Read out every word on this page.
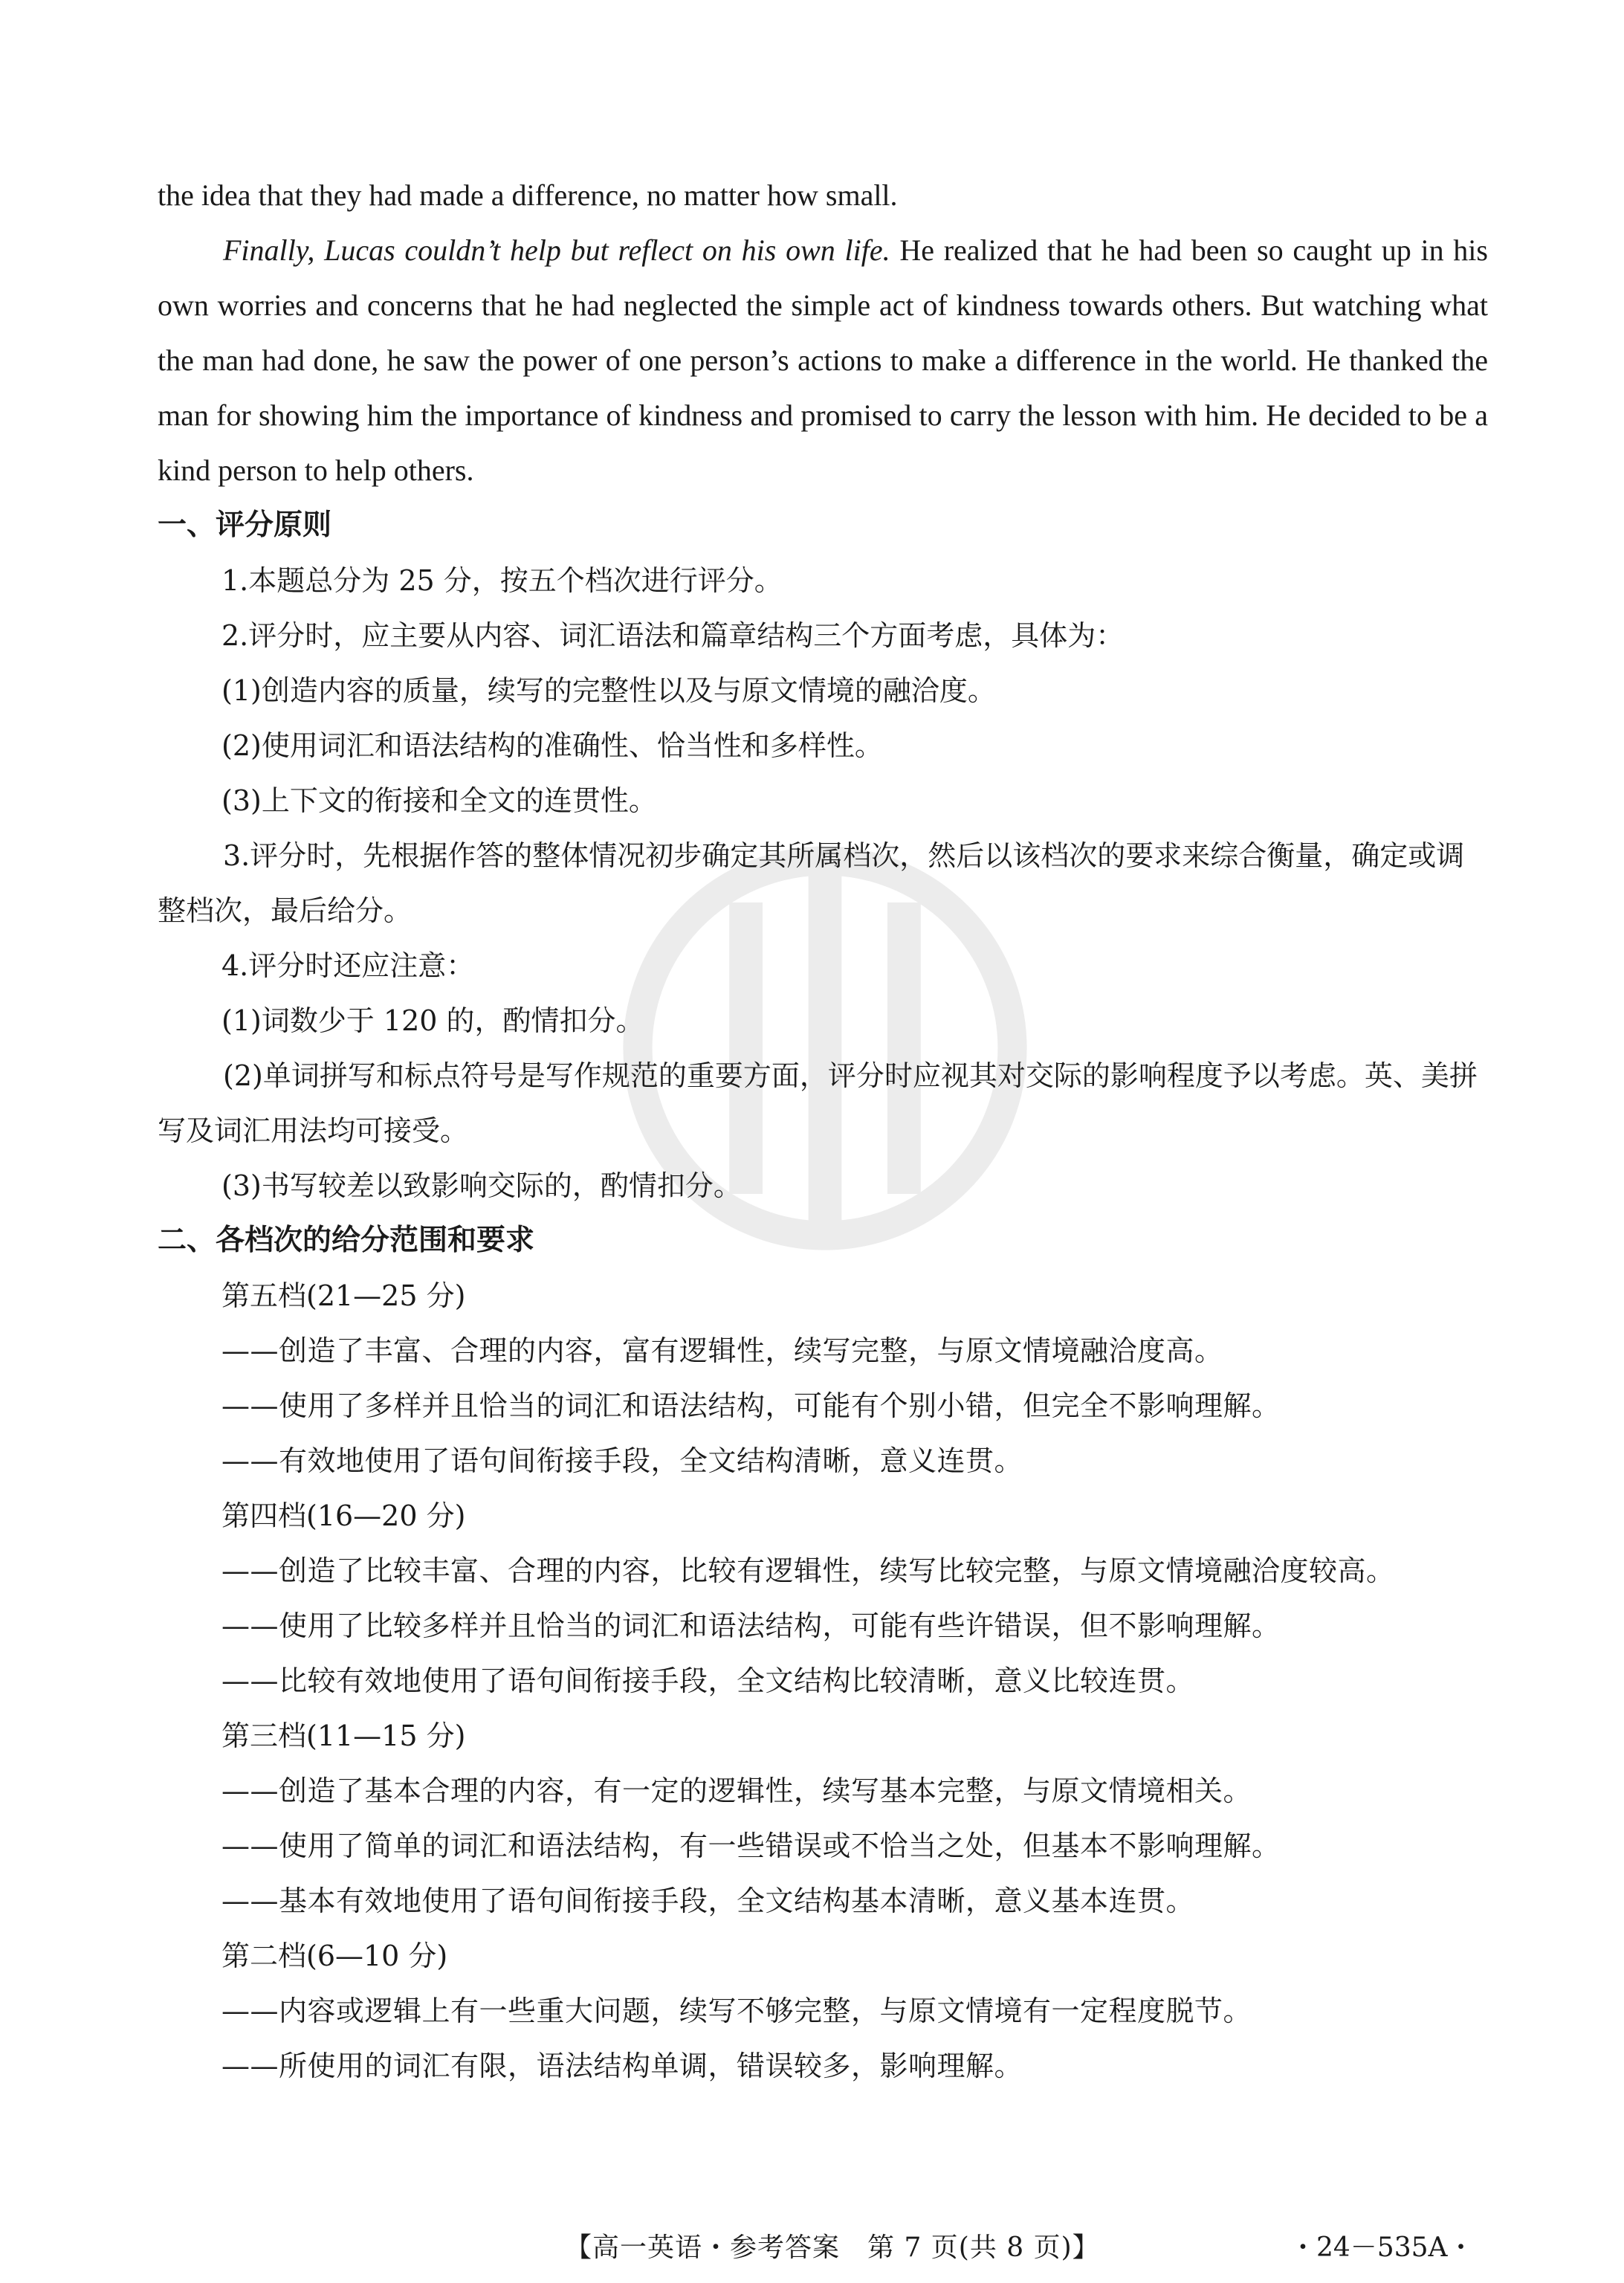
the idea that they had made a difference, no matter how small.

Finally, Lucas couldn’t help but reflect on his own life. He realized that he had been so caught up in his own worries and concerns that he had neglected the simple act of kindness towards others. But watching what the man had done, he saw the power of one person’s actions to make a difference in the world. He thanked the man for showing him the importance of kindness and promised to carry the lesson with him. He decided to be a kind person to help others.

一、评分原则

1.本题总分为 25 分，按五个档次进行评分。

2.评分时，应主要从内容、词汇语法和篇章结构三个方面考虑，具体为：

(1)创造内容的质量，续写的完整性以及与原文情境的融洽度。

(2)使用词汇和语法结构的准确性、恰当性和多样性。

(3)上下文的衔接和全文的连贯性。

3.评分时，先根据作答的整体情况初步确定其所属档次，然后以该档次的要求来综合衡量，确定或调整档次，最后给分。

4.评分时还应注意：

(1)词数少于 120 的，酌情扣分。

(2)单词拼写和标点符号是写作规范的重要方面，评分时应视其对交际的影响程度予以考虑。英、美拼写及词汇用法均可接受。

(3)书写较差以致影响交际的，酌情扣分。

二、各档次的给分范围和要求

第五档(21—25 分)

——创造了丰富、合理的内容，富有逻辑性，续写完整，与原文情境融洽度高。

——使用了多样并且恰当的词汇和语法结构，可能有个别小错，但完全不影响理解。

——有效地使用了语句间衔接手段，全文结构清晰，意义连贯。

第四档(16—20 分)

——创造了比较丰富、合理的内容，比较有逻辑性，续写比较完整，与原文情境融洽度较高。

——使用了比较多样并且恰当的词汇和语法结构，可能有些许错误，但不影响理解。

——比较有效地使用了语句间衔接手段，全文结构比较清晰，意义比较连贯。

第三档(11—15 分)

——创造了基本合理的内容，有一定的逻辑性，续写基本完整，与原文情境相关。

——使用了简单的词汇和语法结构，有一些错误或不恰当之处，但基本不影响理解。

——基本有效地使用了语句间衔接手段，全文结构基本清晰，意义基本连贯。

第二档(6—10 分)

——内容或逻辑上有一些重大问题，续写不够完整，与原文情境有一定程度脱节。

——所使用的词汇有限，语法结构单调，错误较多，影响理解。

【高一英语・参考答案　第 7 页(共 8 页)】	・24－535A・
